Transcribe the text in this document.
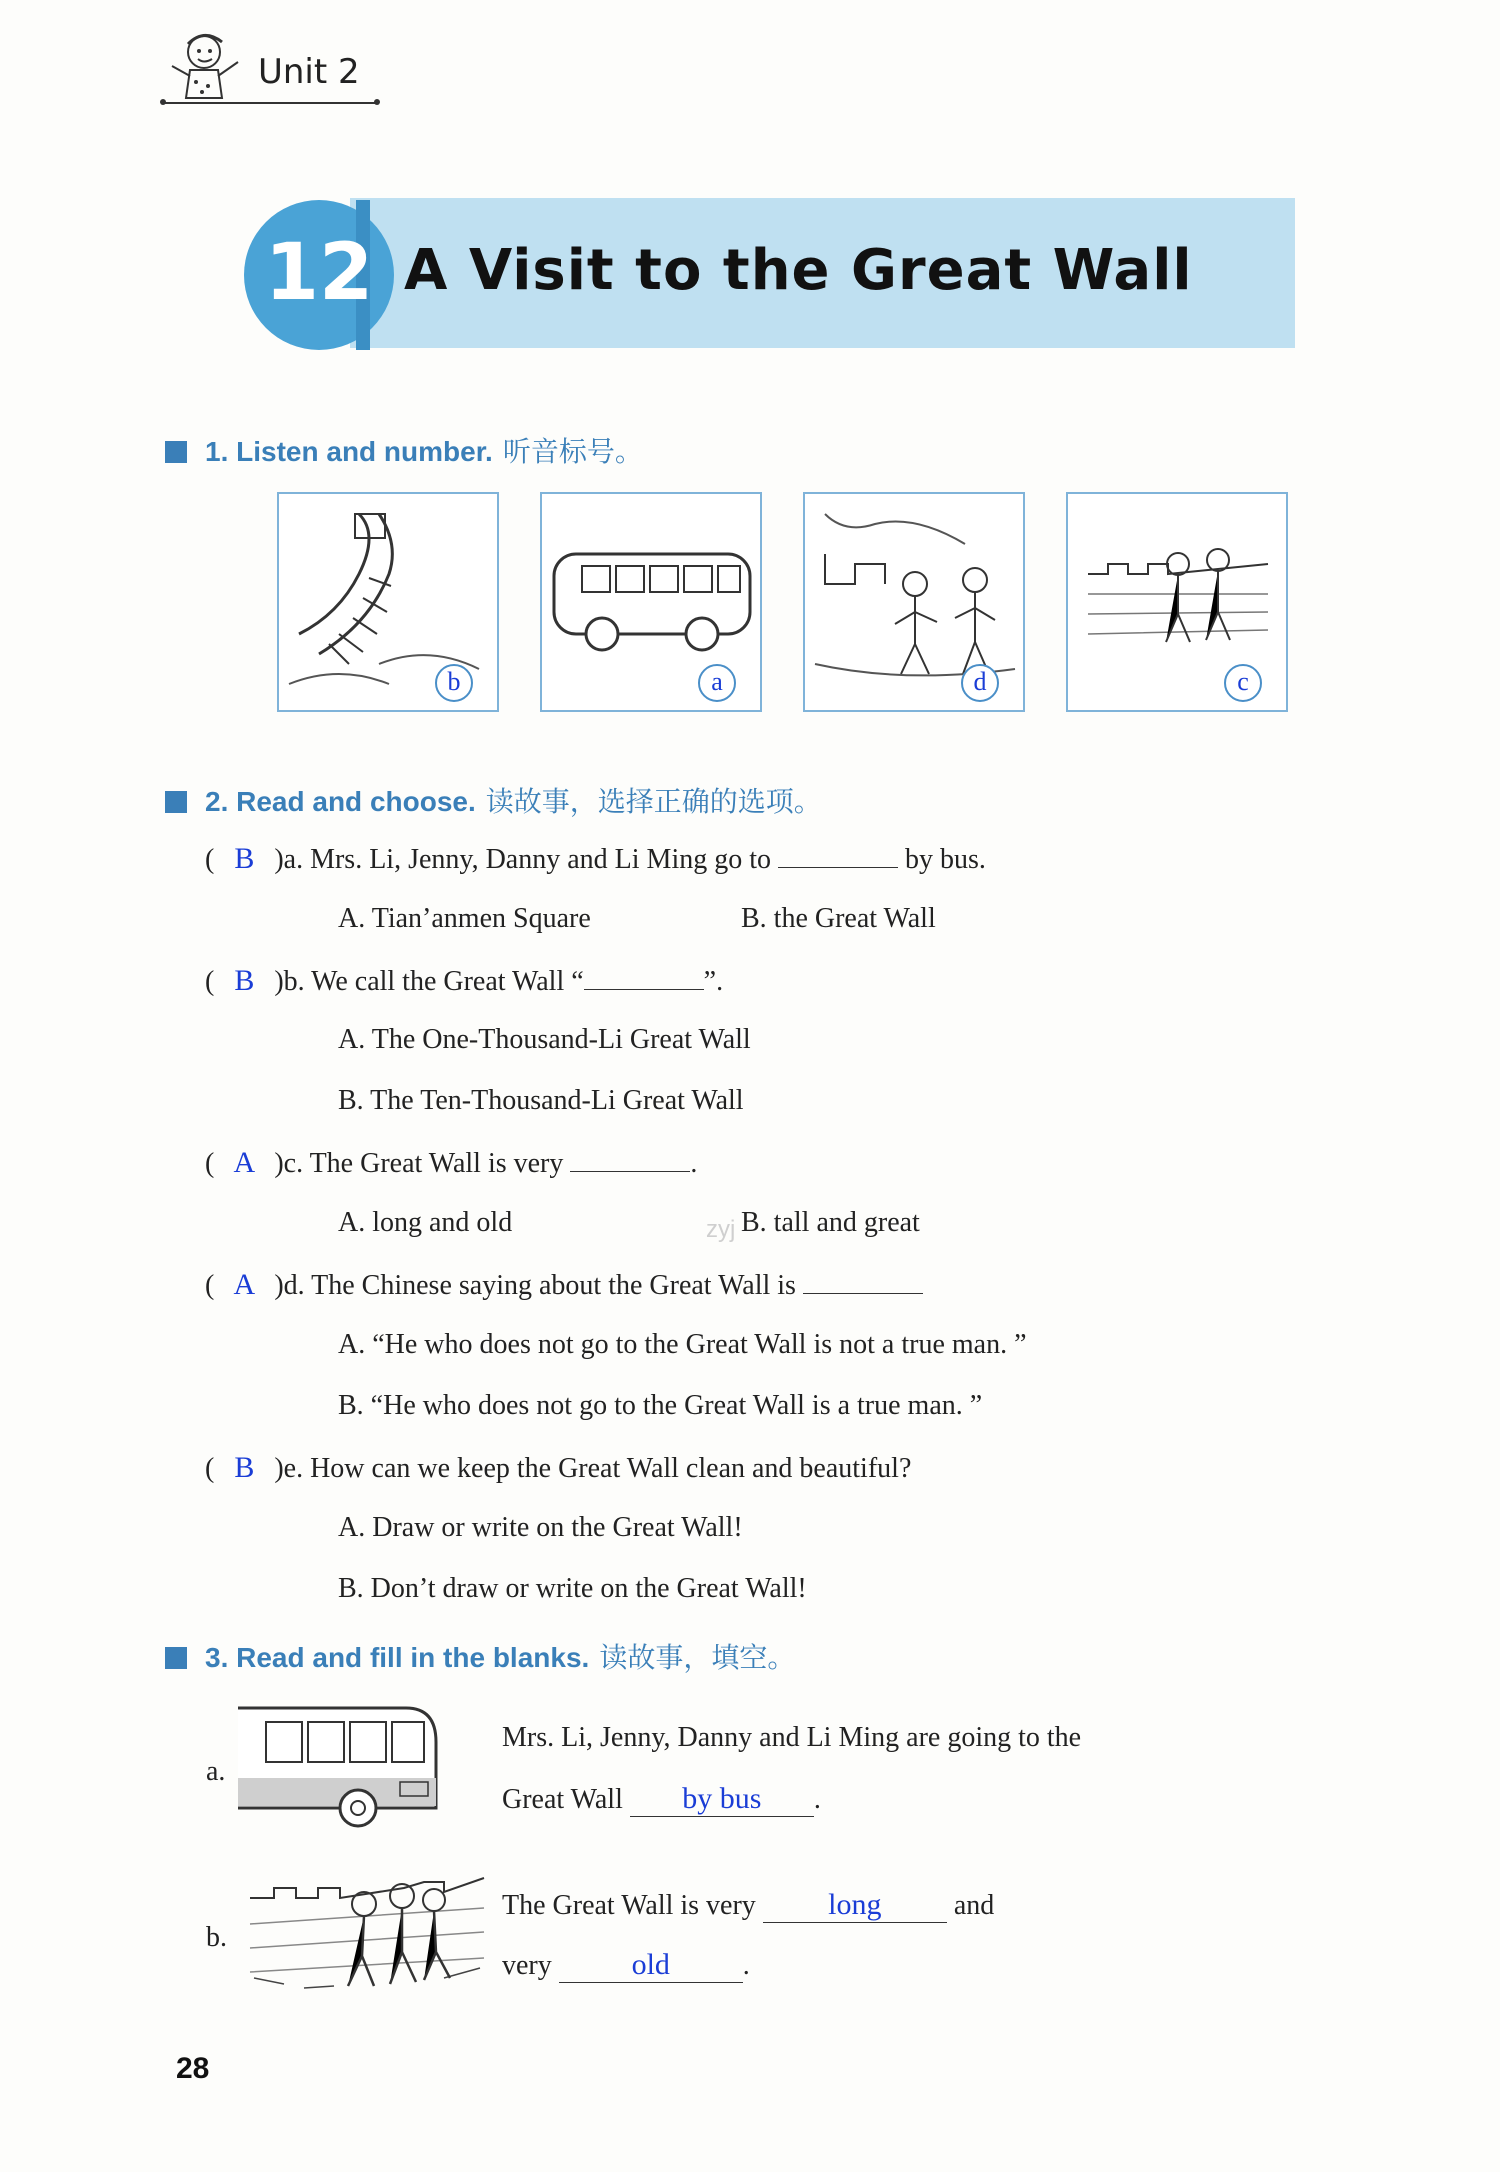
Unit 2
12 A Visit to the Great Wall
1. Listen and number. 听音标号。
b	a	d	c
2. Read and choose. 读故事，选择正确的选项。
( B )a. Mrs. Li, Jenny, Danny and Li Ming go to	by bus.
A. Tian’anmen Square	B. the Great Wall
( B )b. We call the Great Wall “	”.
A. The One-Thousand-Li Great Wall
B. The Ten-Thousand-Li Great Wall
( A )c. The Great Wall is very	.
A. long and old	B. tall and great
( A )d. The Chinese saying about the Great Wall is
A. “He who does not go to the Great Wall is not a true man. ”
B. “He who does not go to the Great Wall is a true man. ”
( B )e. How can we keep the Great Wall clean and beautiful?
A. Draw or write on the Great Wall!
B. Don’t draw or write on the Great Wall!
zyj
3. Read and fill in the blanks. 读故事，填空。
a.
Mrs. Li, Jenny, Danny and Li Ming are going to the
Great Wall by bus .
b.
The Great Wall is very long	and
very	old	.
28
